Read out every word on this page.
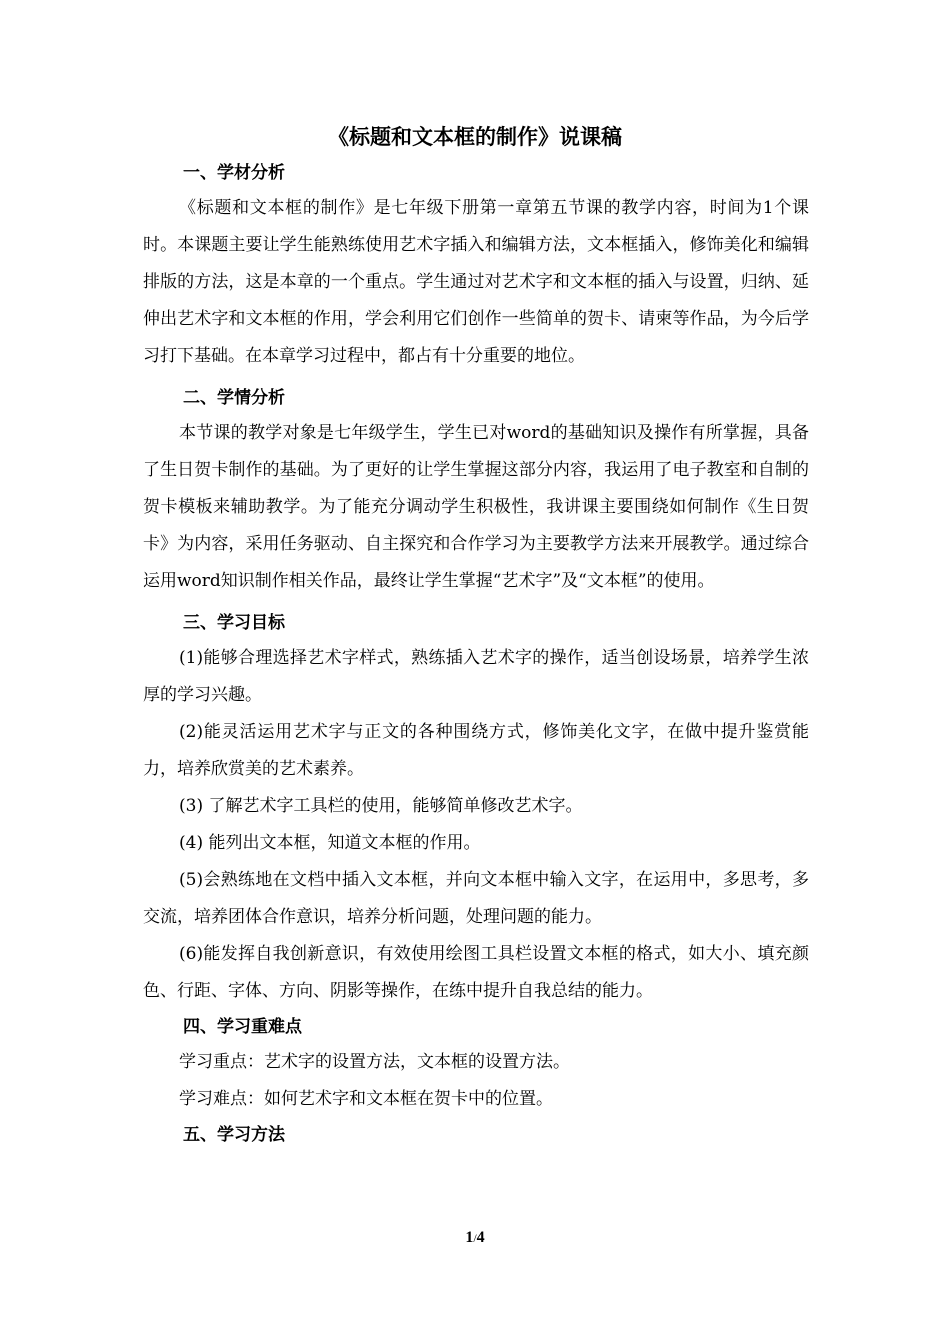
《标题和文本框的制作》说课稿
一、学材分析

《标题和文本框的制作》是七年级下册第一章第五节课的教学内容，时间为1个课时。本课题主要让学生能熟练使用艺术字插入和编辑方法，文本框插入，修饰美化和编辑排版的方法，这是本章的一个重点。学生通过对艺术字和文本框的插入与设置，归纳、延伸出艺术字和文本框的作用，学会利用它们创作一些简单的贺卡、请柬等作品，为今后学习打下基础。在本章学习过程中，都占有十分重要的地位。

二、学情分析

本节课的教学对象是七年级学生，学生已对word的基础知识及操作有所掌握，具备了生日贺卡制作的基础。为了更好的让学生掌握这部分内容，我运用了电子教室和自制的贺卡模板来辅助教学。为了能充分调动学生积极性，我讲课主要围绕如何制作《生日贺卡》为内容，采用任务驱动、自主探究和合作学习为主要教学方法来开展教学。通过综合运用word知识制作相关作品，最终让学生掌握“艺术字”及“文本框”的使用。

三、学习目标

(1)能够合理选择艺术字样式，熟练插入艺术字的操作，适当创设场景，培养学生浓厚的学习兴趣。

(2)能灵活运用艺术字与正文的各种围绕方式，修饰美化文字，在做中提升鉴赏能力，培养欣赏美的艺术素养。

(3) 了解艺术字工具栏的使用，能够简单修改艺术字。

(4) 能列出文本框，知道文本框的作用。

(5)会熟练地在文档中插入文本框，并向文本框中输入文字，在运用中，多思考，多交流，培养团体合作意识，培养分析问题，处理问题的能力。

(6)能发挥自我创新意识，有效使用绘图工具栏设置文本框的格式，如大小、填充颜色、行距、字体、方向、阴影等操作，在练中提升自我总结的能力。

四、学习重难点

学习重点：艺术字的设置方法，文本框的设置方法。

学习难点：如何艺术字和文本框在贺卡中的位置。

五、学习方法
1/4
